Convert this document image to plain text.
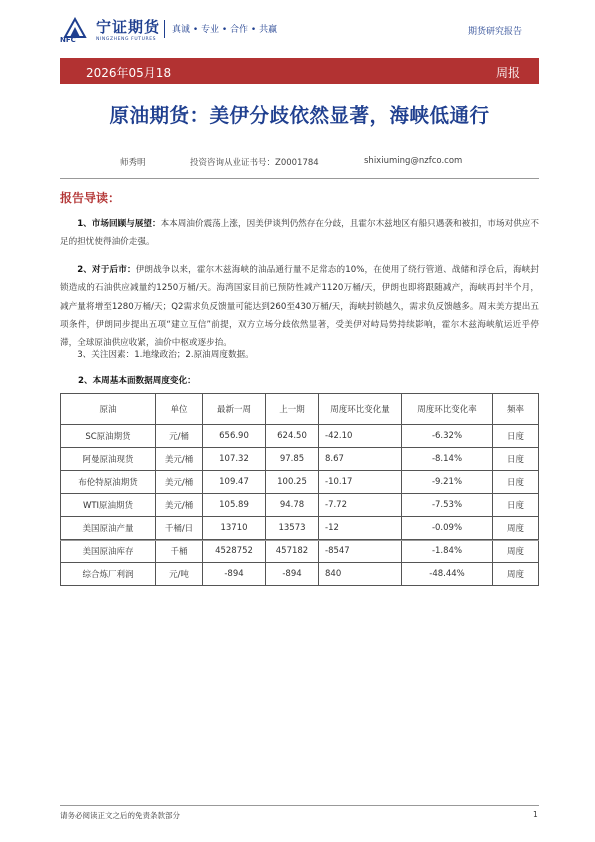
NFC
宁证期货
NINGZHENG FUTURES
真诚 • 专业 • 合作 • 共赢	期货研究报告
2026年05月18	周报
原油期货：美伊分歧依然显著，海峡低通行
师秀明	投资咨询从业证书号：Z0001784	shixiuming@nzfco.com
报告导读：
  1、市场回顾与展望：本本周油价震荡上涨，因美伊谈判仍然存在分歧，且霍尔木兹地区有船只遇袭和被扣，市场对供应不足的担忧使得油价走强。
  2、对于后市：伊朗战争以来，霍尔木兹海峡的油品通行量不足常态的10%，在使用了绕行管道、战储和浮仓后，海峡封锁造成的石油供应减量约1250万桶/天。海湾国家目前已预防性减产1120万桶/天，伊朗也即将跟随减产，海峡再封半个月，减产量将增至1280万桶/天；Q2需求负反馈量可能达到260至430万桶/天，海峡封锁越久，需求负反馈越多。周末美方提出五项条件，伊朗同步提出五项“建立互信”前提，双方立场分歧依然显著，受美伊对峙局势持续影响，霍尔木兹海峡航运近乎停滞，全球原油供应收紧，油价中枢或逐步抬。
  3、关注因素：1.地缘政治；2.原油周度数据。
2、本周基本面数据周度变化：
原油	单位	最新一周	上一期	周度环比变化量	周度环比变化率	频率
SC原油期货	元/桶	656.90	624.50	-42.10	-6.32%	日度
阿曼原油现货	美元/桶	107.32	97.85	8.67	-8.14%	日度
布伦特原油期货	美元/桶	109.47	100.25	-10.17	-9.21%	日度
WTI原油期货	美元/桶	105.89	94.78	-7.72	-7.53%	日度
美国原油产量	千桶/日	13710	13573	-12	-0.09%	周度
美国原油库存	千桶	4528752	457182	-8547	-1.84%	周度
综合炼厂利润	元/吨	-894	-894	840	-48.44%	周度
请务必阅读正文之后的免责条款部分	1
